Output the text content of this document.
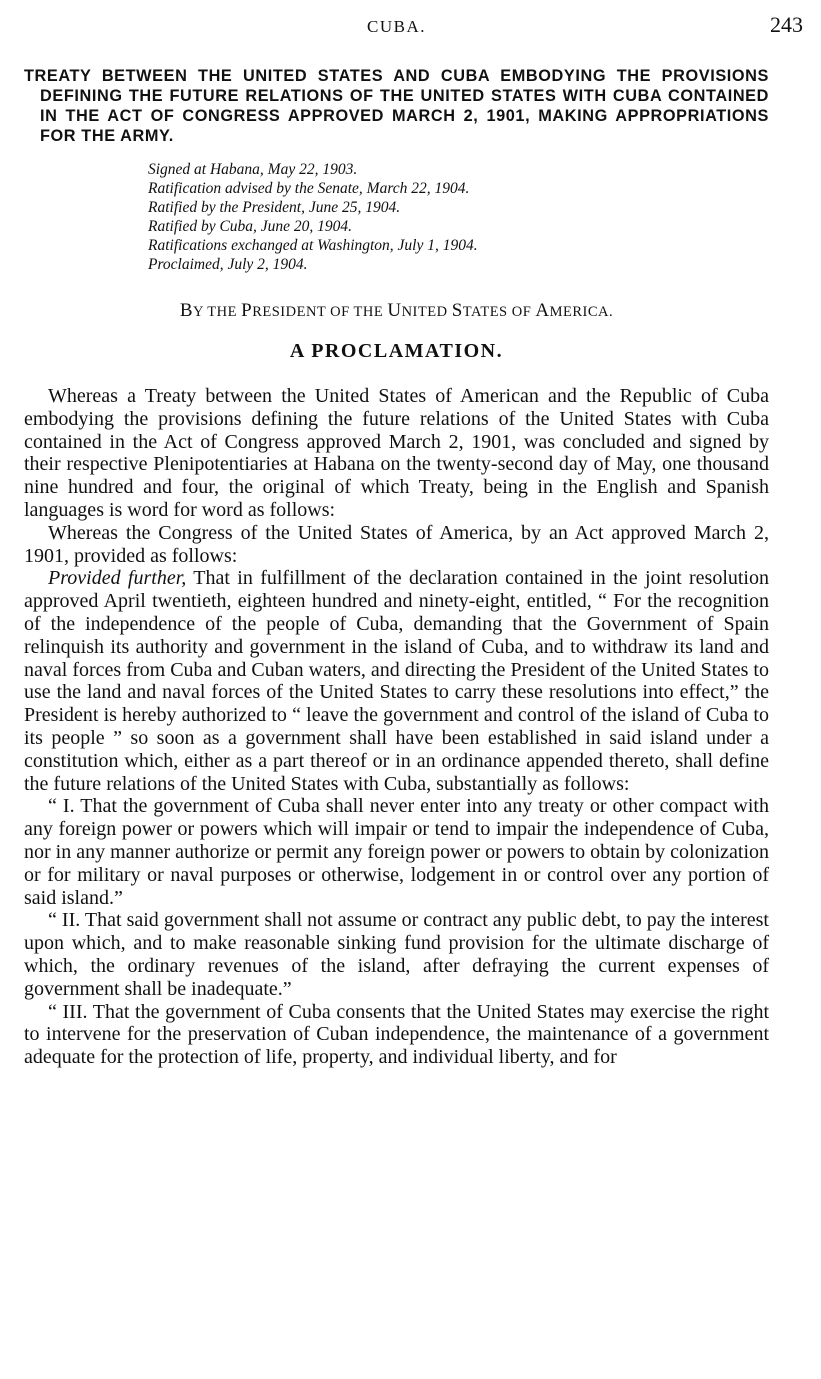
CUBA.	243
TREATY BETWEEN THE UNITED STATES AND CUBA EMBODYING THE PROVISIONS DEFINING THE FUTURE RELATIONS OF THE UNITED STATES WITH CUBA CONTAINED IN THE ACT OF CONGRESS APPROVED MARCH 2, 1901, MAKING APPROPRIATIONS FOR THE ARMY.
Signed at Habana, May 22, 1903.
Ratification advised by the Senate, March 22, 1904.
Ratified by the President, June 25, 1904.
Ratified by Cuba, June 20, 1904.
Ratifications exchanged at Washington, July 1, 1904.
Proclaimed, July 2, 1904.
BY THE PRESIDENT OF THE UNITED STATES OF AMERICA.
A PROCLAMATION.

Whereas a Treaty between the United States of American and the Republic of Cuba embodying the provisions defining the future relations of the United States with Cuba contained in the Act of Congress approved March 2, 1901, was concluded and signed by their respective Plenipotentiaries at Habana on the twenty-second day of May, one thousand nine hundred and four, the original of which Treaty, being in the English and Spanish languages is word for word as follows:

Whereas the Congress of the United States of America, by an Act approved March 2, 1901, provided as follows:

Provided further, That in fulfillment of the declaration contained in the joint resolution approved April twentieth, eighteen hundred and ninety-eight, entitled, “ For the recognition of the independence of the people of Cuba, demanding that the Government of Spain relinquish its authority and government in the island of Cuba, and to withdraw its land and naval forces from Cuba and Cuban waters, and directing the President of the United States to use the land and naval forces of the United States to carry these resolutions into effect,” the President is hereby authorized to “ leave the government and control of the island of Cuba to its people ” so soon as a government shall have been established in said island under a constitution which, either as a part thereof or in an ordinance appended thereto, shall define the future relations of the United States with Cuba, substantially as follows:

“ I. That the government of Cuba shall never enter into any treaty or other compact with any foreign power or powers which will impair or tend to impair the independence of Cuba, nor in any manner authorize or permit any foreign power or powers to obtain by colonization or for military or naval purposes or otherwise, lodgement in or control over any portion of said island.”

“ II. That said government shall not assume or contract any public debt, to pay the interest upon which, and to make reasonable sinking fund provision for the ultimate discharge of which, the ordinary revenues of the island, after defraying the current expenses of government shall be inadequate.”

“ III. That the government of Cuba consents that the United States may exercise the right to intervene for the preservation of Cuban independence, the maintenance of a government adequate for the protection of life, property, and individual liberty, and for
